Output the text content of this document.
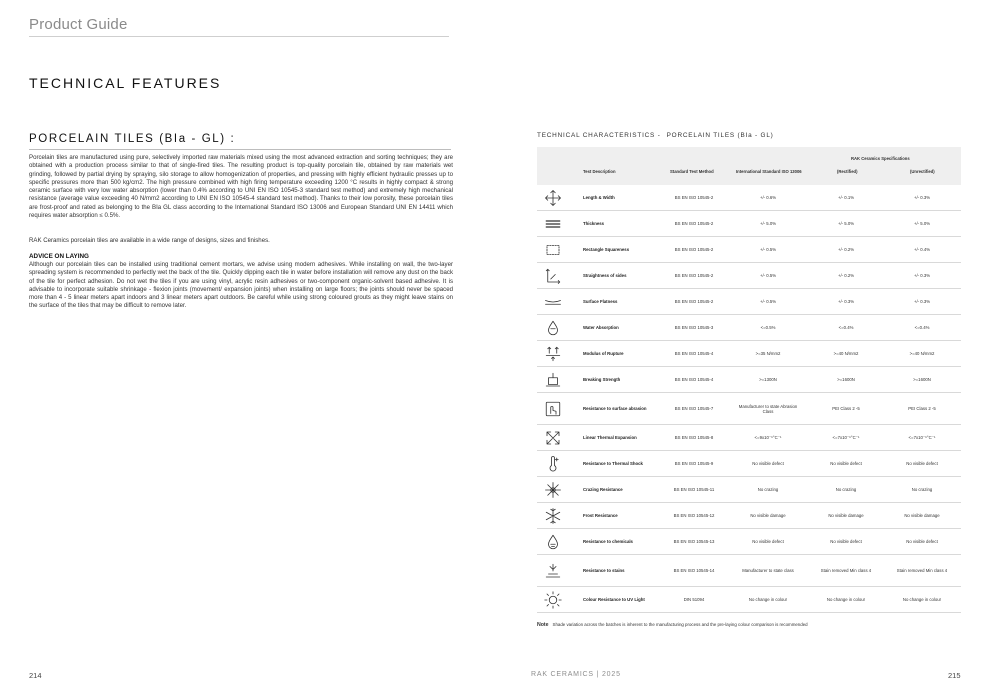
Product Guide
TECHNICAL FEATURES
PORCELAIN TILES (BIa - GL) :

Porcelain tiles are manufactured using pure, selectively imported raw materials mixed using the most advanced extraction and sorting techniques; they are obtained with a production process similar to that of single-fired tiles. The resulting product is top-quality porcelain tile, obtained by raw materials wet grinding, followed by partial drying by spraying, silo storage to allow homogenization of properties, and pressing with highly efficient hydraulic presses up to specific pressures more than 500 kg/cm2. The high pressure combined with high firing temperature exceeding 1200 °C results in highly compact & strong ceramic surface with very low water absorption (lower than 0.4% according to UNI EN ISO 10545-3 standard test method) and extremely high mechanical resistance (average value exceeding 40 N/mm2 according to UNI EN ISO 10545-4 standard test method). Thanks to their low porosity, these porcelain tiles are frost-proof and rated as belonging to the BIa GL class according to the International Standard ISO 13006 and European Standard UNI EN 14411 which requires water absorption ≤ 0.5%.

RAK Ceramics porcelain tiles are available in a wide range of designs, sizes and finishes.

ADVICE ON LAYING

Although our porcelain tiles can be installed using traditional cement mortars, we advise using modern adhesives. While installing on wall, the two-layer spreading system is recommended to perfectly wet the back of the tile. Quickly dipping each tile in water before installation will remove any dust on the back of the tile for perfect adhesion. Do not wet the tiles if you are using vinyl, acrylic resin adhesives or two-component organic-solvent based adhesive. It is advisable to incorporate suitable shrinkage - flexion joints (movement/ expansion joints) when installing on large floors; the joints should never be spaced more than 4 - 5 linear meters apart indoors and 3 linear meters apart outdoors. Be careful while using strong coloured grouts as they might leave stains on the surface of the tiles that may be difficult to remove later.

TECHNICAL CHARACTERISTICS - PORCELAIN TILES (BIa - GL)
Test Description	Standard Test Method	International Standard ISO 13006
RAK Ceramics Specifications
(Rectified)	(Unrectified)
Length & Width	BS EN ISO 10545-2	+/- 0.6%	+/- 0.1%	+/- 0.3%
Thickness	BS EN ISO 10545-2	+/- 5.0%	+/- 5.0%	+/- 5.0%
Rectangle Squareness	BS EN ISO 10545-2	+/- 0.5%	+/- 0.2%	+/- 0.4%
Straightness of sides	BS EN ISO 10545-2	+/- 0.5%	+/- 0.2%	+/- 0.3%
Surface Flatness	BS EN ISO 10545-2	+/- 0.5%	+/- 0.3%	+/- 0.3%
Water Absorption	BS EN ISO 10545-3	<=0.5%	<=0.4%	<=0.4%
Modulus of Rupture	BS EN ISO 10545-4	>=35 N/mm2	>=40 N/mm2	>=40 N/mm2
Breaking Strength	BS EN ISO 10545-4	>=1300N	>=1600N	>=1600N
Resistance to surface abrasion	BS EN ISO 10545-7	Manufacturer to state Abrasion Class	PEI Class 2 -5	PEI Class 2 -5
Linear Thermal Expansion	BS EN ISO 10545-8	<=9x10⁻⁶°C⁻¹	<=7x10⁻⁶°C⁻¹	<=7x10⁻⁶°C⁻¹
Resistance to Thermal Shock	BS EN ISO 10545-9	No visible defect	No visible defect	No visible defect
Crazing Resistance	BS EN ISO 10545-11	No crazing	No crazing	No crazing
Frost Resistance	BS EN ISO 10545-12	No visible damage	No visible damage	No visible damage
Resistance to chemicals	BS EN ISO 10545-13	No visible defect	No visible defect	No visible defect
Resistance to stains	BS EN ISO 10545-14	Manufacturer to state class	Stain removed Min class 4	Stain removed Min class 4
Colour Resistance to UV Light	DIN 51094	No change in colour	No change in colour	No change in colour
Note Shade variation across the batches is inherent to the manufacturing process and the pre-laying colour comparison is recommended
214	RAK CERAMICS | 2025	215
